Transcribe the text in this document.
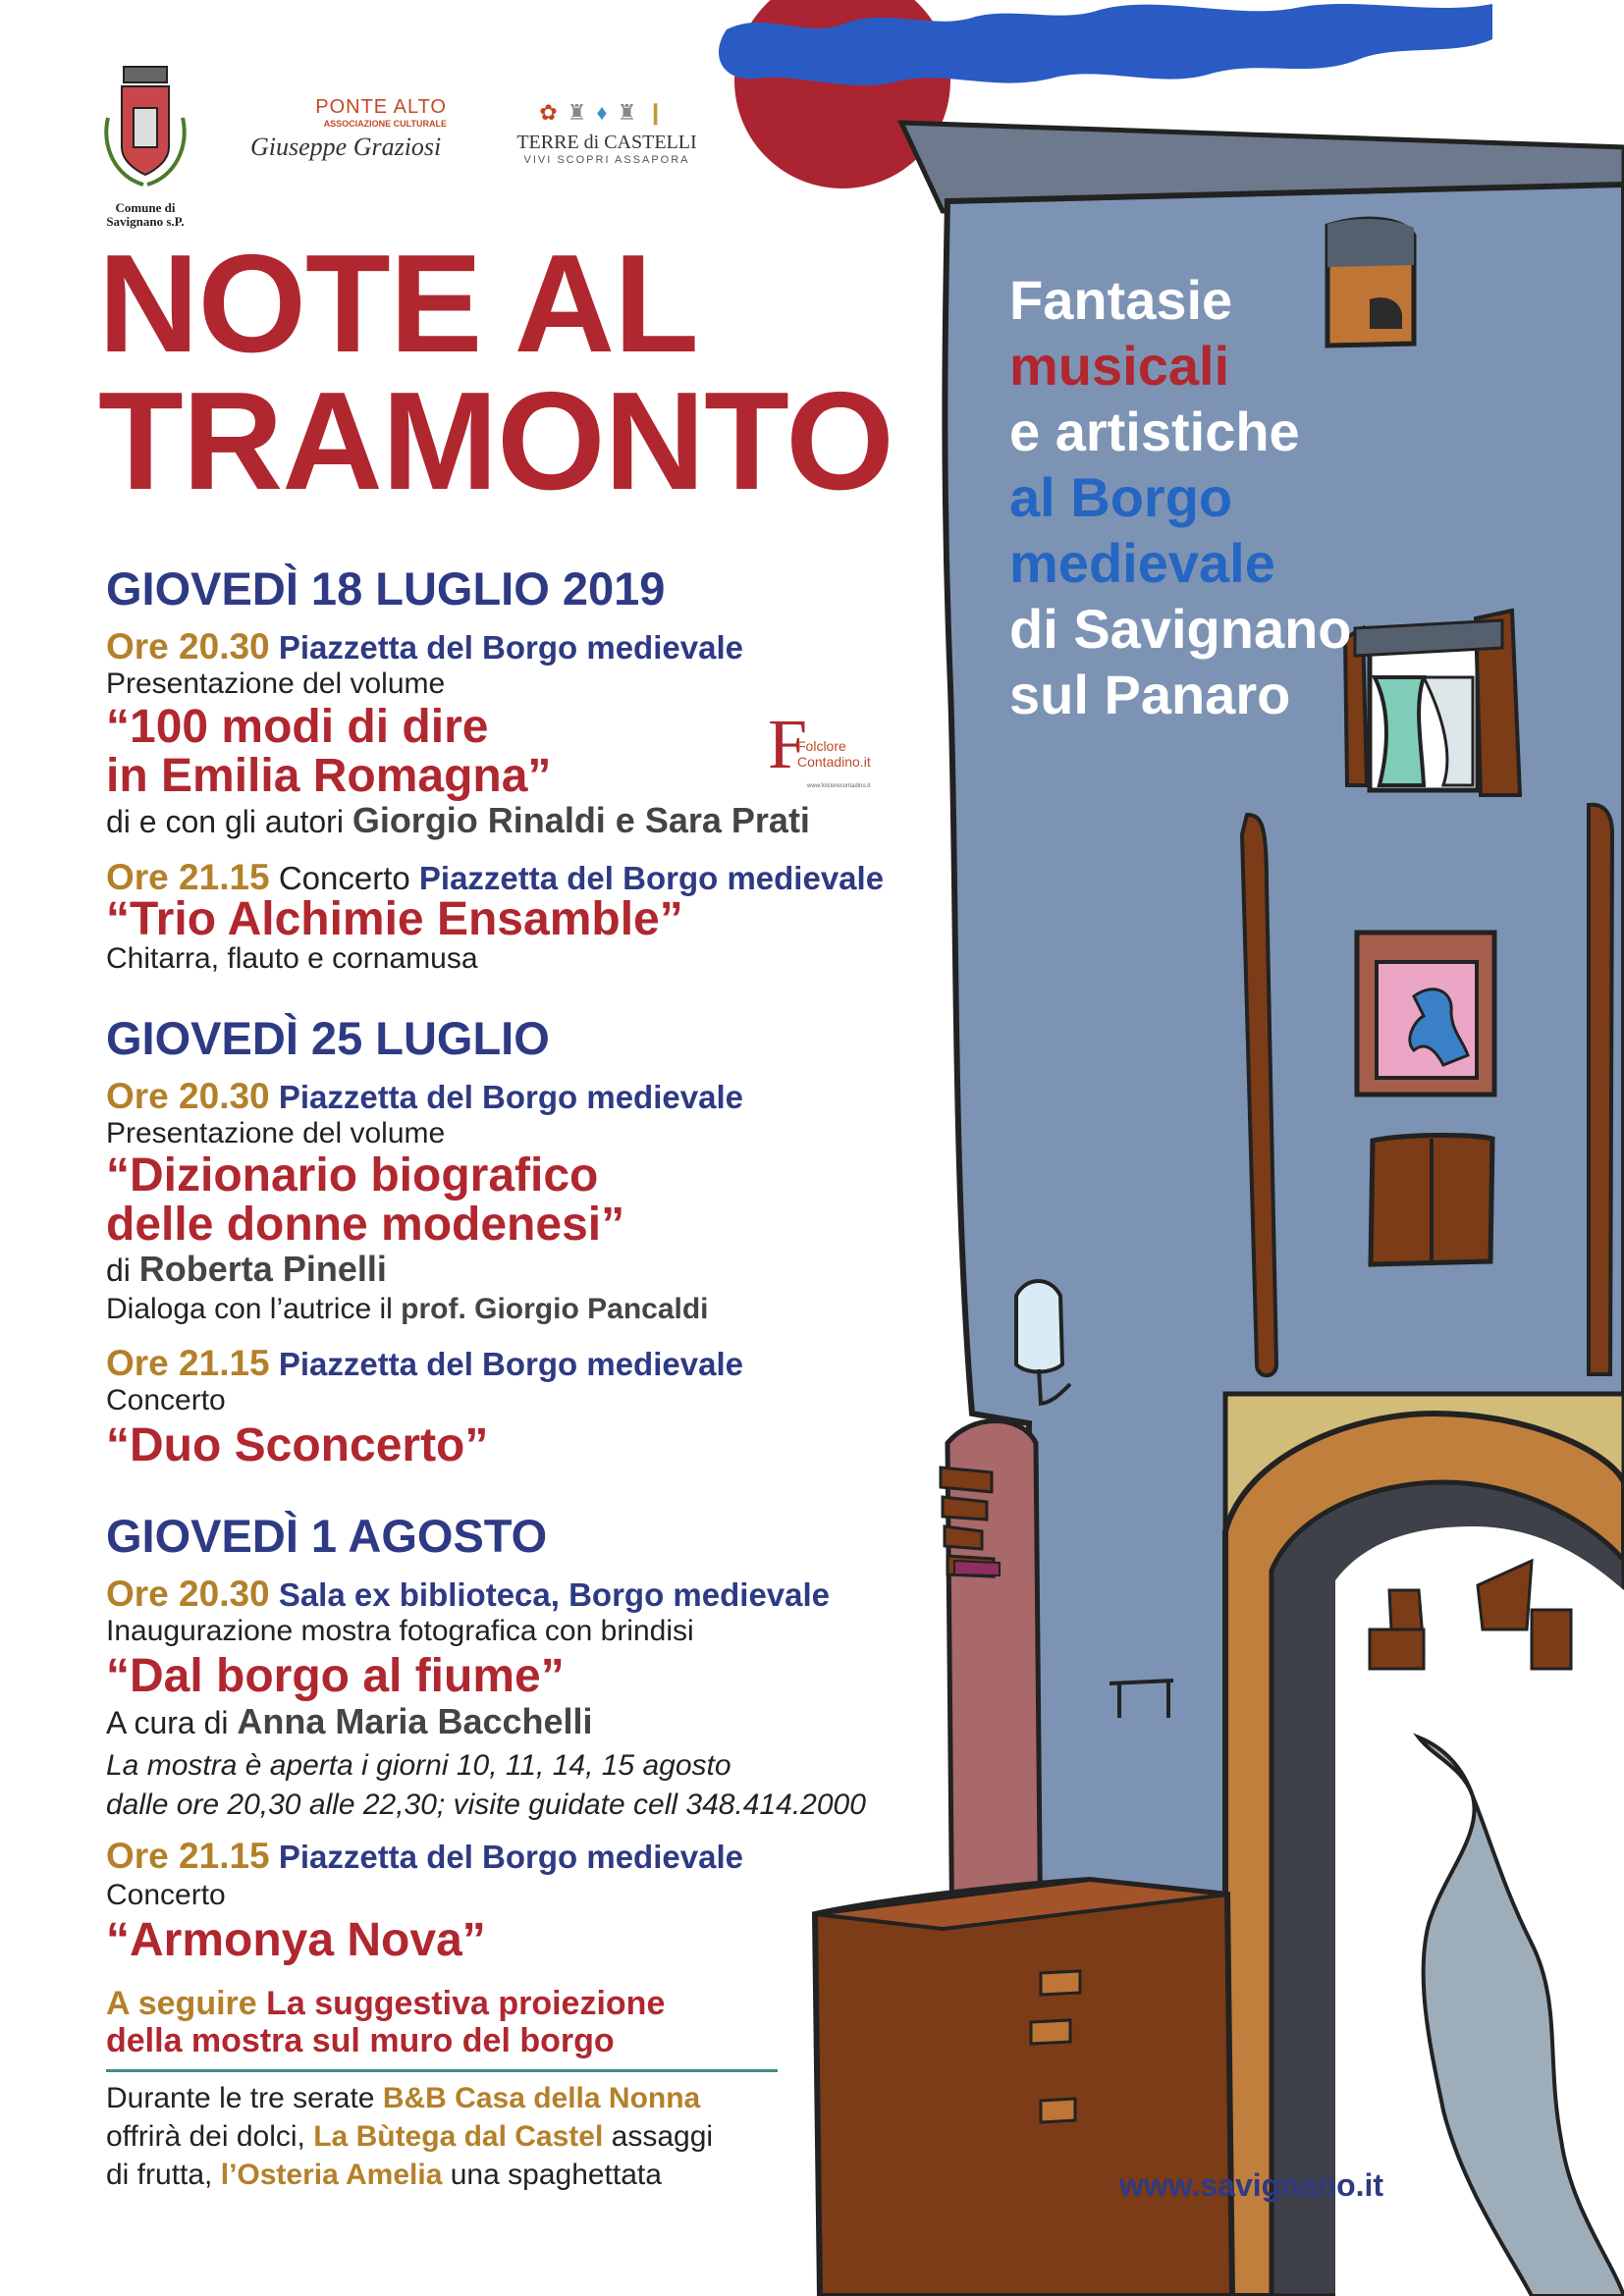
Comune di Savignano s.P.
PONTE ALTO
ASSOCIAZIONE CULTURALE
Giuseppe Graziosi
✿♜♦♜❙
TERRE di CASTELLI
VIVI SCOPRI ASSAPORA
NOTE AL
TRAMONTO
Fantasie
musicali
e artistiche
al Borgo
medievale
di Savignano
sul Panaro
GIOVEDÌ 18 LUGLIO 2019
Ore 20.30 Piazzetta del Borgo medievale
Presentazione del volume
“100 modi di dire
in Emilia Romagna”
di e con gli autori Giorgio Rinaldi e Sara Prati
F
Folclore Contadino.it
www.folclorecontadino.it
Ore 21.15 Concerto Piazzetta del Borgo medievale
“Trio Alchimie Ensamble”
Chitarra, flauto e cornamusa
GIOVEDÌ 25 LUGLIO
Ore 20.30 Piazzetta del Borgo medievale
Presentazione del volume
“Dizionario biografico
delle donne modenesi”
di Roberta Pinelli
Dialoga con l’autrice il prof. Giorgio Pancaldi
Ore 21.15 Piazzetta del Borgo medievale
Concerto
“Duo Sconcerto”
GIOVEDÌ 1 AGOSTO
Ore 20.30 Sala ex biblioteca, Borgo medievale
Inaugurazione mostra fotografica con brindisi
“Dal borgo al fiume”
A cura di Anna Maria Bacchelli
La mostra è aperta i giorni 10, 11, 14, 15 agosto
dalle ore 20,30 alle 22,30; visite guidate cell 348.414.2000
Ore 21.15 Piazzetta del Borgo medievale
Concerto
“Armonya Nova”
A seguire La suggestiva proiezione
della mostra sul muro del borgo
Durante le tre serate B&B Casa della Nonna
offrirà dei dolci, La Bùtega dal Castel assaggi
di frutta, l’Osteria Amelia una spaghettata	www.savignano.it
